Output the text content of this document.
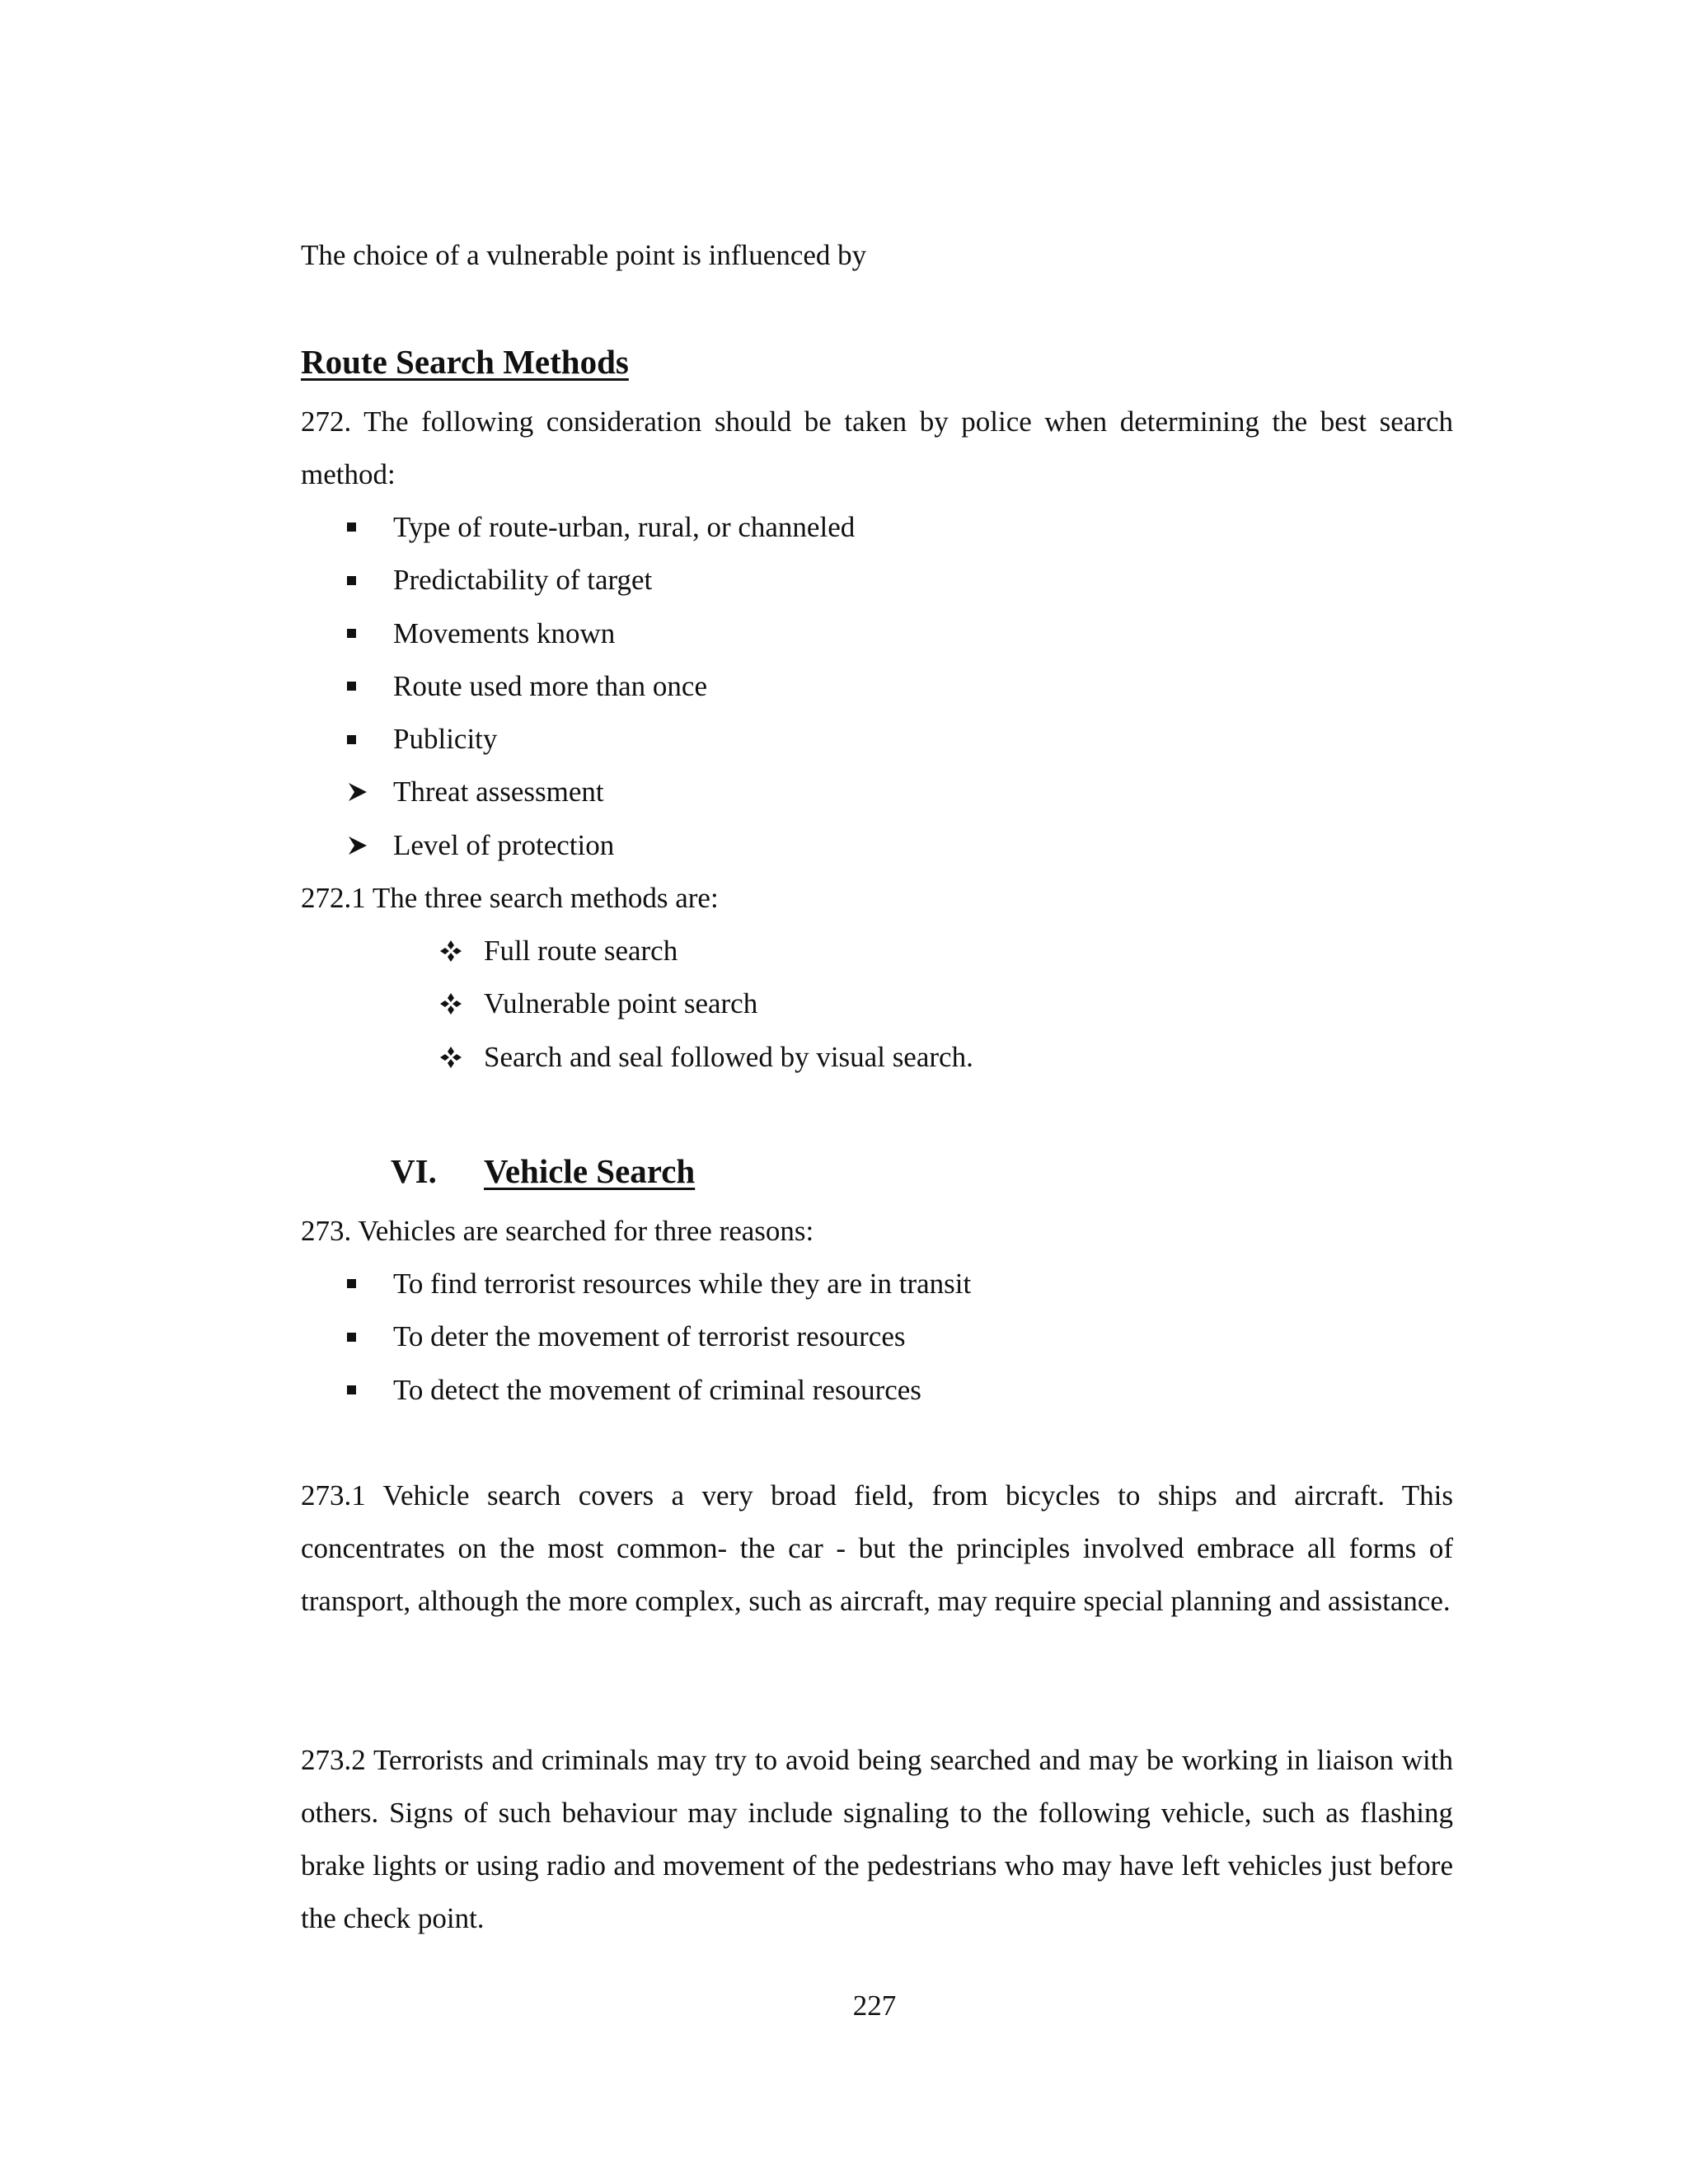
The choice of a vulnerable point is influenced by
Route Search Methods
272. The following consideration should be taken by police when determining the best search method:
Type of route-urban, rural, or channeled
Predictability of target
Movements known
Route used more than once
Publicity
Threat assessment
Level of protection
272.1 The three search methods are:
Full route search
Vulnerable point search
Search and seal followed by visual search.
VI. Vehicle Search
273. Vehicles are searched for three reasons:
To find terrorist resources while they are in transit
To deter the movement of terrorist resources
To detect the movement of criminal resources
273.1 Vehicle search covers a very broad field, from bicycles to ships and aircraft. This concentrates on the most common- the car - but the principles involved embrace all forms of transport, although the more complex, such as aircraft, may require special planning and assistance.
273.2 Terrorists and criminals may try to avoid being searched and may be working in liaison with others. Signs of such behaviour may include signaling to the following vehicle, such as flashing brake lights or using radio and movement of the pedestrians who may have left vehicles just before the check point.
227
